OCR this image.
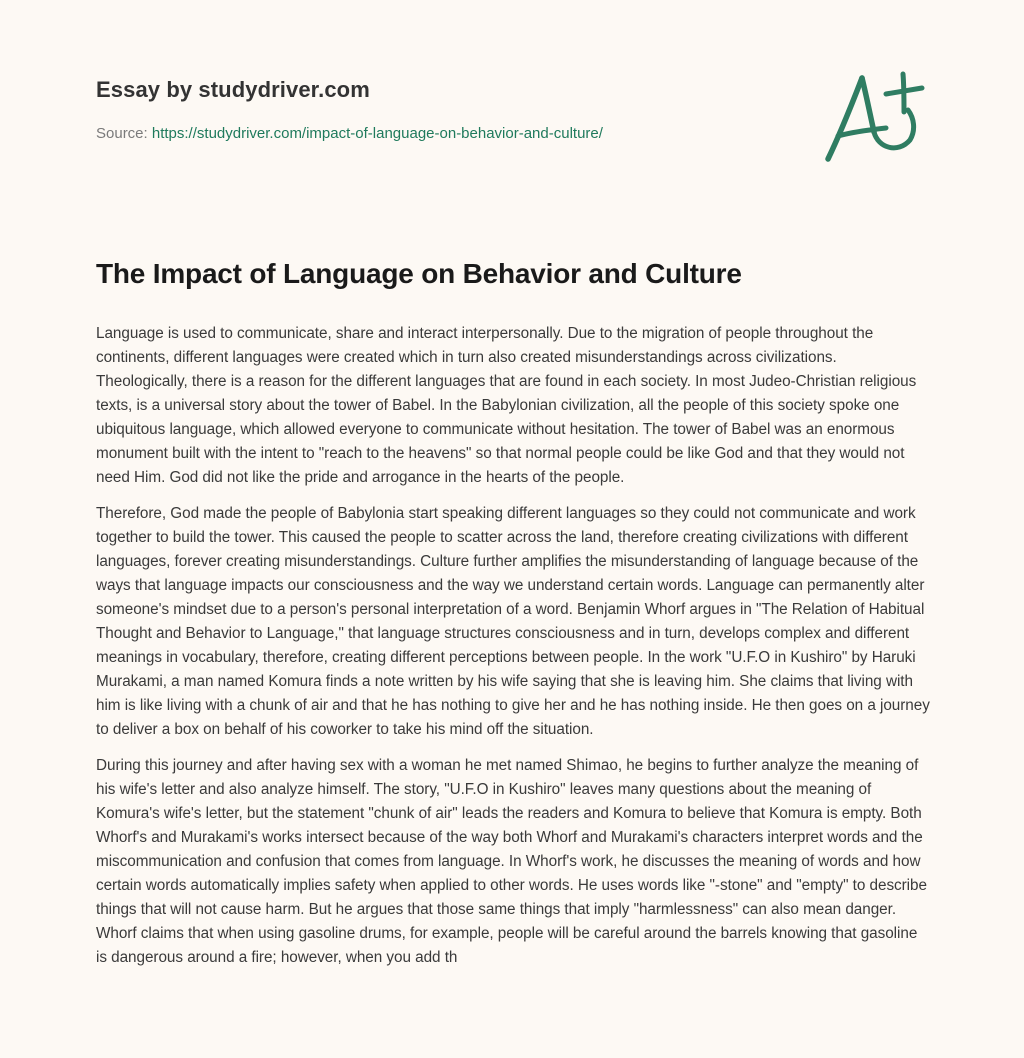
Essay by studydriver.com
Source: https://studydriver.com/impact-of-language-on-behavior-and-culture/
The Impact of Language on Behavior and Culture

Language is used to communicate, share and interact interpersonally. Due to the migration of people throughout the continents, different languages were created which in turn also created misunderstandings across civilizations. Theologically, there is a reason for the different languages that are found in each society. In most Judeo-Christian religious texts, is a universal story about the tower of Babel. In the Babylonian civilization, all the people of this society spoke one ubiquitous language, which allowed everyone to communicate without hesitation. The tower of Babel was an enormous monument built with the intent to "reach to the heavens" so that normal people could be like God and that they would not need Him. God did not like the pride and arrogance in the hearts of the people.

Therefore, God made the people of Babylonia start speaking different languages so they could not communicate and work together to build the tower. This caused the people to scatter across the land, therefore creating civilizations with different languages, forever creating misunderstandings. Culture further amplifies the misunderstanding of language because of the ways that language impacts our consciousness and the way we understand certain words. Language can permanently alter someone's mindset due to a person's personal interpretation of a word. Benjamin Whorf argues in "The Relation of Habitual Thought and Behavior to Language," that language structures consciousness and in turn, develops complex and different meanings in vocabulary, therefore, creating different perceptions between people. In the work "U.F.O in Kushiro" by Haruki Murakami, a man named Komura finds a note written by his wife saying that she is leaving him. She claims that living with him is like living with a chunk of air and that he has nothing to give her and he has nothing inside. He then goes on a journey to deliver a box on behalf of his coworker to take his mind off the situation.

During this journey and after having sex with a woman he met named Shimao, he begins to further analyze the meaning of his wife's letter and also analyze himself. The story, "U.F.O in Kushiro" leaves many questions about the meaning of Komura's wife's letter, but the statement "chunk of air" leads the readers and Komura to believe that Komura is empty. Both Whorf's and Murakami's works intersect because of the way both Whorf and Murakami's characters interpret words and the miscommunication and confusion that comes from language. In Whorf's work, he discusses the meaning of words and how certain words automatically implies safety when applied to other words. He uses words like "-stone" and "empty" to describe things that will not cause harm. But he argues that those same things that imply "harmlessness" can also mean danger. Whorf claims that when using gasoline drums, for example, people will be careful around the barrels knowing that gasoline is dangerous around a fire; however, when you add th
